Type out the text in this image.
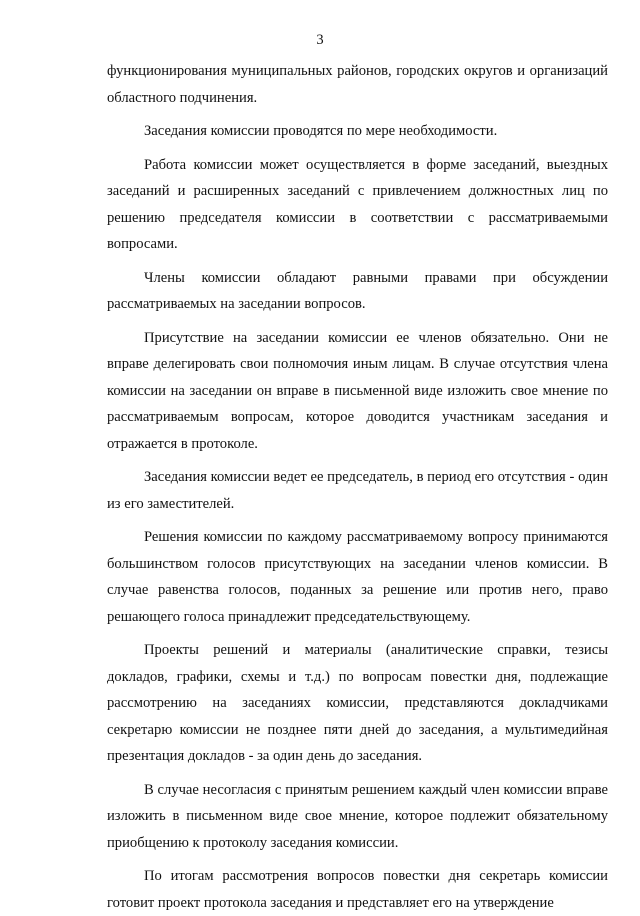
3

функционирования муниципальных районов, городских округов и организаций областного подчинения.

Заседания комиссии проводятся по мере необходимости.

Работа комиссии может осуществляется в форме заседаний, выездных заседаний и расширенных заседаний с привлечением должностных лиц по решению председателя комиссии в соответствии с рассматриваемыми вопросами.

Члены комиссии обладают равными правами при обсуждении рассматриваемых на заседании вопросов.

Присутствие на заседании комиссии ее членов обязательно. Они не вправе делегировать свои полномочия иным лицам. В случае отсутствия члена комиссии на заседании он вправе в письменной виде изложить свое мнение по рассматриваемым вопросам, которое доводится участникам заседания и отражается в протоколе.

Заседания комиссии ведет ее председатель, в период его отсутствия - один из его заместителей.

Решения комиссии по каждому рассматриваемому вопросу принимаются большинством голосов присутствующих на заседании членов комиссии. В случае равенства голосов, поданных за решение или против него, право решающего голоса принадлежит председательствующему.

Проекты решений и материалы (аналитические справки, тезисы докладов, графики, схемы и т.д.) по вопросам повестки дня, подлежащие рассмотрению на заседаниях комиссии, представляются докладчиками секретарю комиссии не позднее пяти дней до заседания, а мультимедийная презентация докладов - за один день до заседания.

В случае несогласия с принятым решением каждый член комиссии вправе изложить в письменном виде свое мнение, которое подлежит обязательному приобщению к протоколу заседания комиссии.

По итогам рассмотрения вопросов повестки дня секретарь комиссии готовит проект протокола заседания и представляет его на утверждение
